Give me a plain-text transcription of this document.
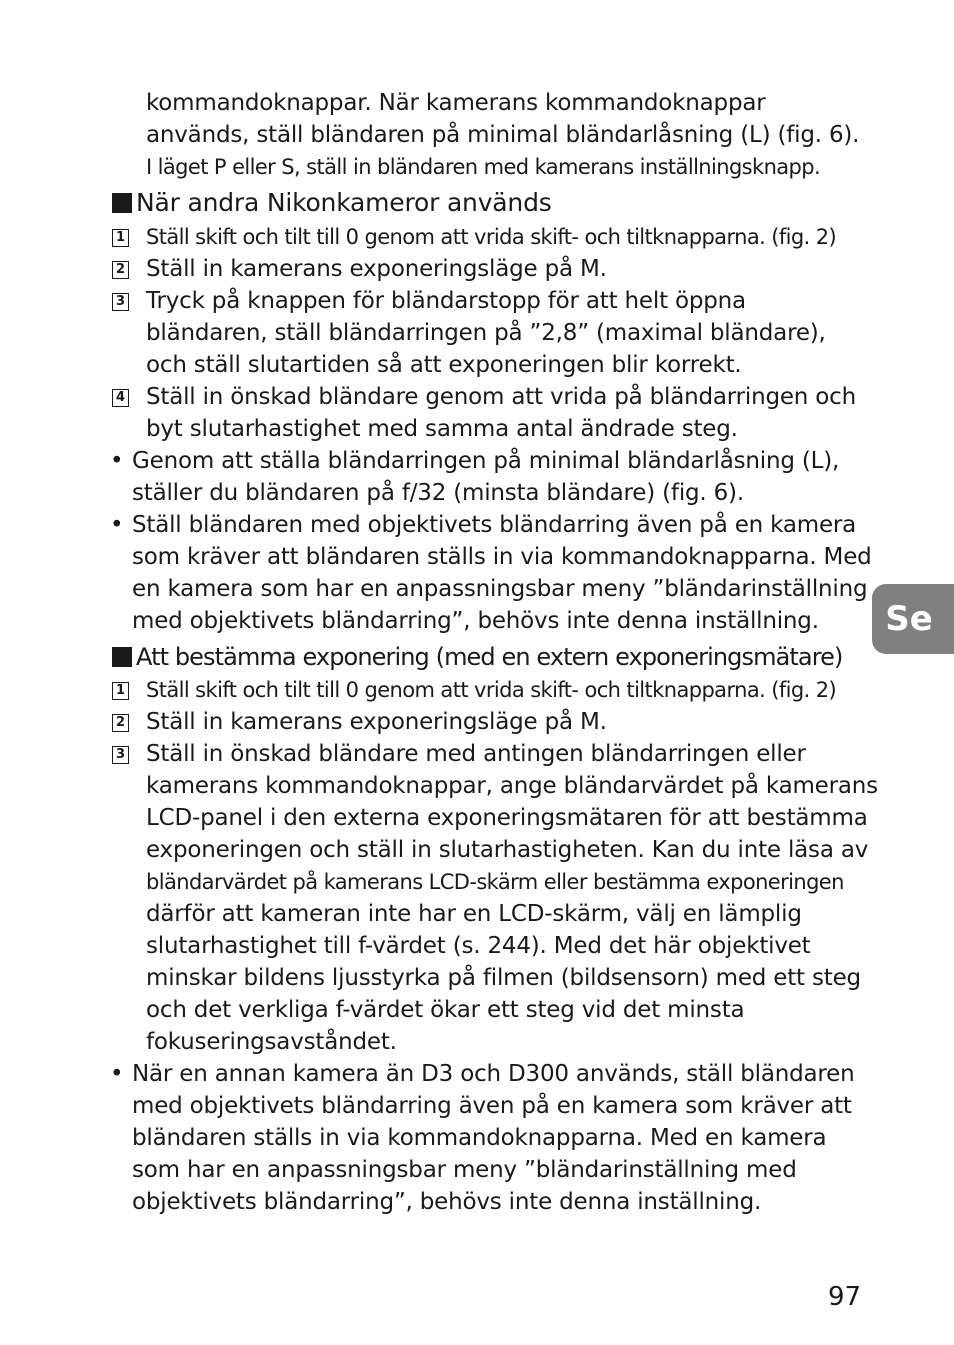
kommandoknappar. När kamerans kommandoknappar
används, ställ bländaren på minimal bländarlåsning (L) (fig. 6).
I läget P eller S, ställ in bländaren med kamerans inställningsknapp.
När andra Nikonkameror används
1 Ställ skift och tilt till 0 genom att vrida skift- och tiltknapparna. (fig. 2)
2 Ställ in kamerans exponeringsläge på M.
3 Tryck på knappen för bländarstopp för att helt öppna
bländaren, ställ bländarringen på ”2,8” (maximal bländare),
och ställ slutartiden så att exponeringen blir korrekt.
4 Ställ in önskad bländare genom att vrida på bländarringen och
byt slutarhastighet med samma antal ändrade steg.
• Genom att ställa bländarringen på minimal bländarlåsning (L),
ställer du bländaren på f/32 (minsta bländare) (fig. 6).
• Ställ bländaren med objektivets bländarring även på en kamera
som kräver att bländaren ställs in via kommandoknapparna. Med
en kamera som har en anpassningsbar meny ”bländarinställning
med objektivets bländarring”, behövs inte denna inställning.
Att bestämma exponering (med en extern exponeringsmätare)
1 Ställ skift och tilt till 0 genom att vrida skift- och tiltknapparna. (fig. 2)
2 Ställ in kamerans exponeringsläge på M.
3 Ställ in önskad bländare med antingen bländarringen eller
kamerans kommandoknappar, ange bländarvärdet på kamerans
LCD-panel i den externa exponeringsmätaren för att bestämma
exponeringen och ställ in slutarhastigheten. Kan du inte läsa av
bländarvärdet på kamerans LCD-skärm eller bestämma exponeringen
därför att kameran inte har en LCD-skärm, välj en lämplig
slutarhastighet till f-värdet (s. 244). Med det här objektivet
minskar bildens ljusstyrka på filmen (bildsensorn) med ett steg
och det verkliga f-värdet ökar ett steg vid det minsta
fokuseringsavståndet.
• När en annan kamera än D3 och D300 används, ställ bländaren
med objektivets bländarring även på en kamera som kräver att
bländaren ställs in via kommandoknapparna. Med en kamera
som har en anpassningsbar meny ”bländarinställning med
objektivets bländarring”, behövs inte denna inställning.
Se
97
